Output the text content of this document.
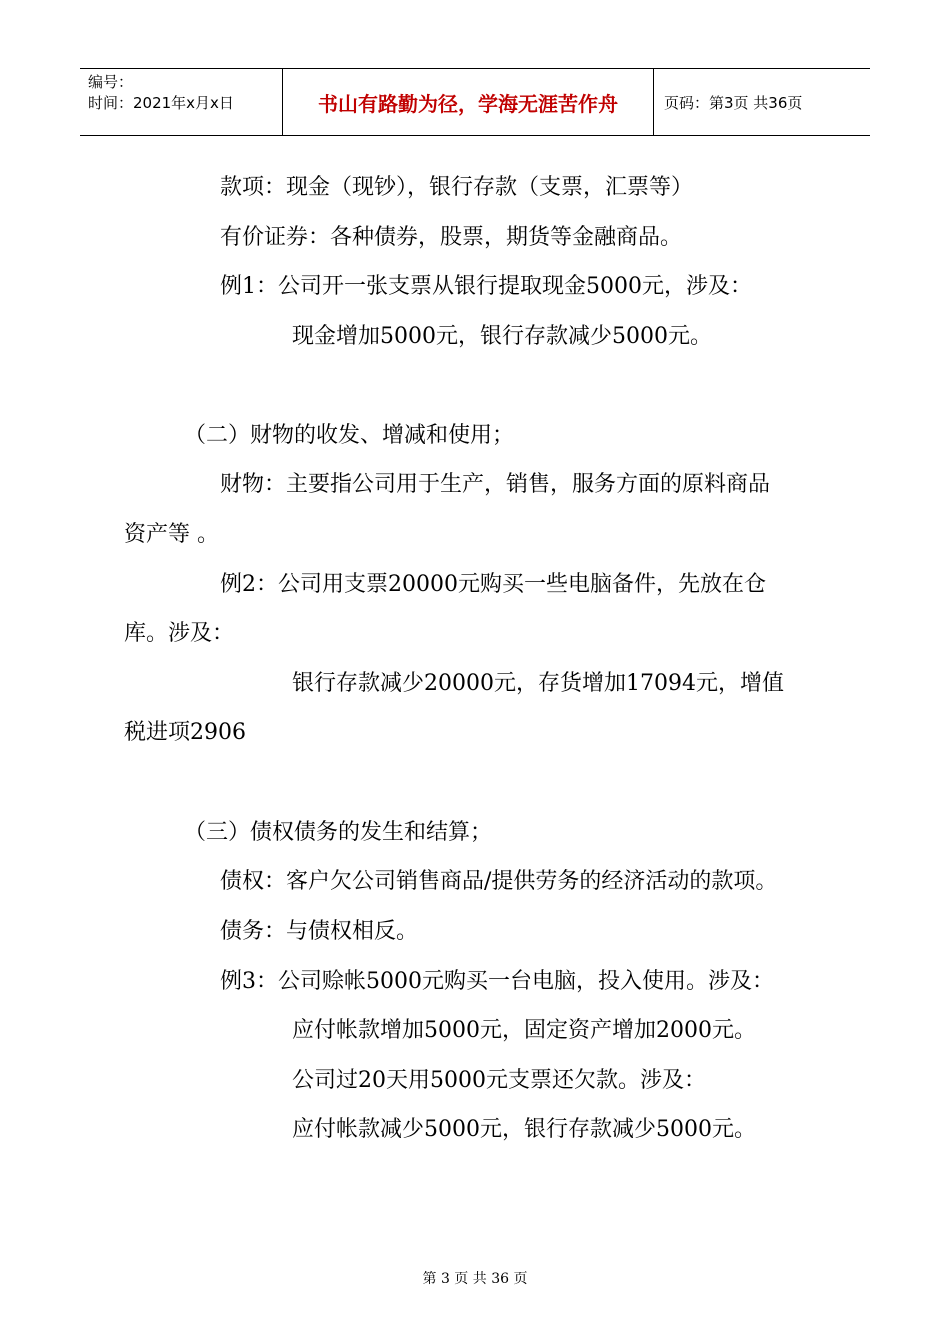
编号：
时间：2021年x月x日	书山有路勤为径，学海无涯苦作舟	页码：第3页 共36页
款项：现金（现钞），银行存款（支票，汇票等）
有价证券：各种债券，股票，期货等金融商品。
例1：公司开一张支票从银行提取现金5000元，涉及：
现金增加5000元，银行存款减少5000元。
（二）财物的收发、增减和使用；
财物：主要指公司用于生产，销售，服务方面的原料商品
资产等 。
例2：公司用支票20000元购买一些电脑备件，先放在仓
库。涉及：
银行存款减少20000元，存货增加17094元，增值
税进项2906
（三）债权债务的发生和结算；
债权：客户欠公司销售商品/提供劳务的经济活动的款项。
债务：与债权相反。
例3：公司赊帐5000元购买一台电脑，投入使用。涉及：
应付帐款增加5000元，固定资产增加2000元。
公司过20天用5000元支票还欠款。涉及：
应付帐款减少5000元，银行存款减少5000元。
第 3 页 共 36 页
